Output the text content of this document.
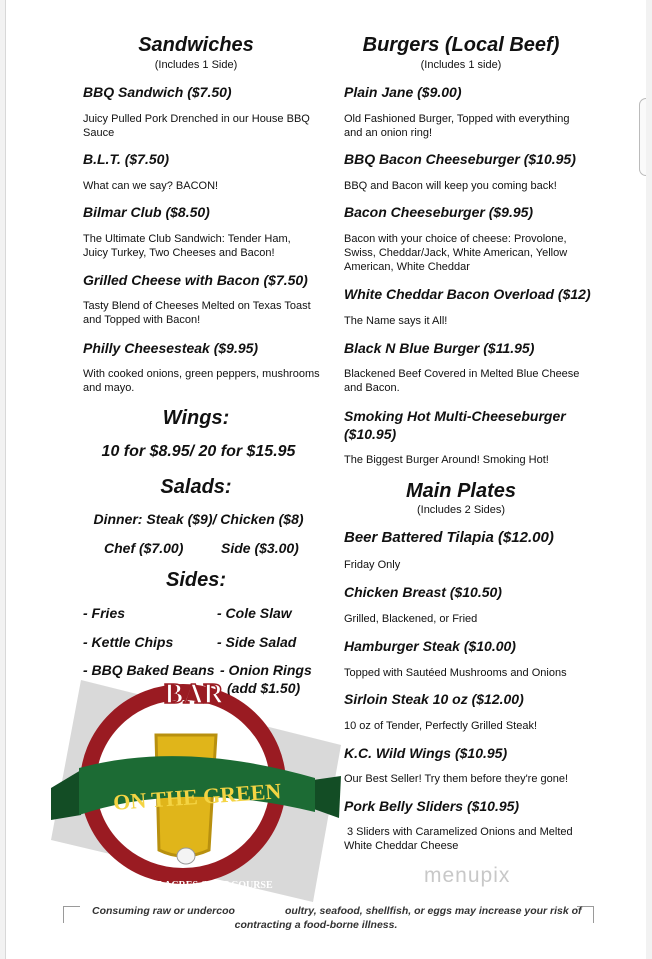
Sandwiches
(Includes 1 Side)
BBQ Sandwich ($7.50)
Juicy Pulled Pork Drenched in our House BBQ Sauce
B.L.T. ($7.50)
What can we say? BACON!
Bilmar Club ($8.50)
The Ultimate Club Sandwich: Tender Ham, Juicy Turkey, Two Cheeses and Bacon!
Grilled Cheese with Bacon ($7.50)
Tasty Blend of Cheeses Melted on Texas Toast and Topped with Bacon!
Philly Cheesesteak ($9.95)
With cooked onions, green peppers, mushrooms and mayo.
Wings:
10 for $8.95/ 20 for $15.95
Salads:
Dinner: Steak ($9)/ Chicken ($8)
Chef ($7.00)	Side ($3.00)
Sides:
- Fries	- Cole Slaw
- Kettle Chips	- Side Salad
- BBQ Baked Beans - Onion Rings
(add $1.50)
BAR
ON THE GREEN
AT BELLE ACRES GOLF COURSE
Burgers (Local Beef)
(Includes 1 side)
Plain Jane ($9.00)
Old Fashioned Burger, Topped with everything and an onion ring!
BBQ Bacon Cheeseburger ($10.95)
BBQ and Bacon will keep you coming back!
Bacon Cheeseburger ($9.95)
Bacon with your choice of cheese: Provolone, Swiss, Cheddar/Jack, White American, Yellow American, White Cheddar
White Cheddar Bacon Overload ($12)
The Name says it All!
Black N Blue Burger ($11.95)
Blackened Beef Covered in Melted Blue Cheese and Bacon.
Smoking Hot Multi-Cheeseburger ($10.95)
The Biggest Burger Around! Smoking Hot!
Main Plates
(Includes 2 Sides)
Beer Battered Tilapia ($12.00)
Friday Only
Chicken Breast ($10.50)
Grilled, Blackened, or Fried
Hamburger Steak ($10.00)
Topped with Sautéed Mushrooms and Onions
Sirloin Steak 10 oz ($12.00)
10 oz of Tender, Perfectly Grilled Steak!
K.C. Wild Wings ($10.95)
Our Best Seller! Try them before they're gone!
Pork Belly Sliders ($10.95)
3 Sliders with Caramelized Onions and Melted White Cheddar Cheese
menupix
Consuming raw or undercoo	oultry, seafood, shellfish, or eggs may increase your risk of
contracting a food-borne illness.
